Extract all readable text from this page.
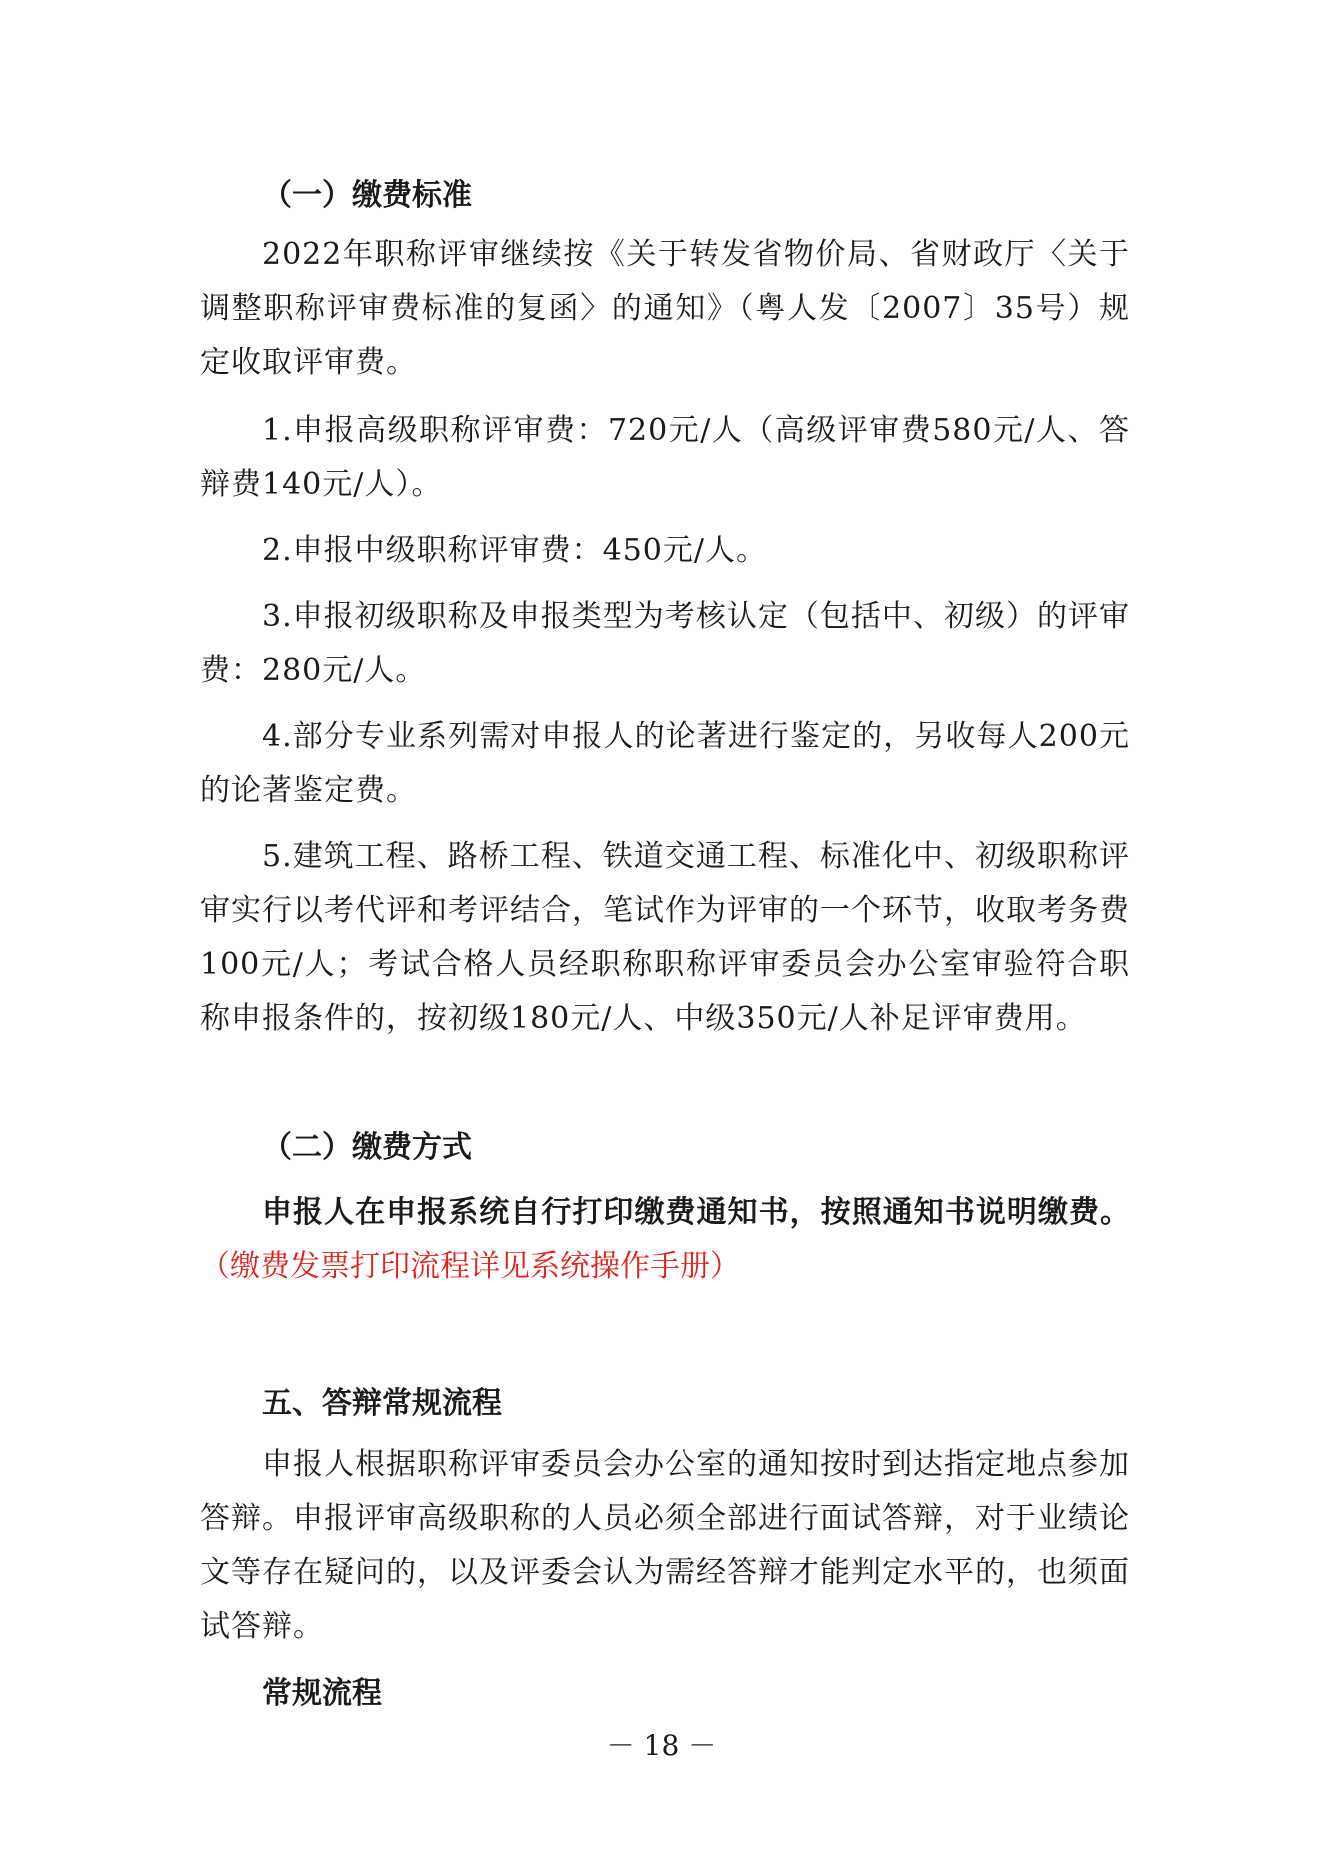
（一）缴费标准
2022年职称评审继续按《关于转发省物价局、省财政厅〈关于调整职称评审费标准的复函〉的通知》（粤人发〔2007〕35号）规定收取评审费。
1.申报高级职称评审费：720元/人（高级评审费580元/人、答辩费140元/人）。
2.申报中级职称评审费：450元/人。
3.申报初级职称及申报类型为考核认定（包括中、初级）的评审费：280元/人。
4.部分专业系列需对申报人的论著进行鉴定的，另收每人200元的论著鉴定费。
5.建筑工程、路桥工程、铁道交通工程、标准化中、初级职称评审实行以考代评和考评结合，笔试作为评审的一个环节，收取考务费100元/人；考试合格人员经职称职称评审委员会办公室审验符合职称申报条件的，按初级180元/人、中级350元/人补足评审费用。
（二）缴费方式
申报人在申报系统自行打印缴费通知书，按照通知书说明缴费。（缴费发票打印流程详见系统操作手册）
五、答辩常规流程
申报人根据职称评审委员会办公室的通知按时到达指定地点参加答辩。申报评审高级职称的人员必须全部进行面试答辩，对于业绩论文等存在疑问的，以及评委会认为需经答辩才能判定水平的，也须面试答辩。
常规流程
－ 18 －
